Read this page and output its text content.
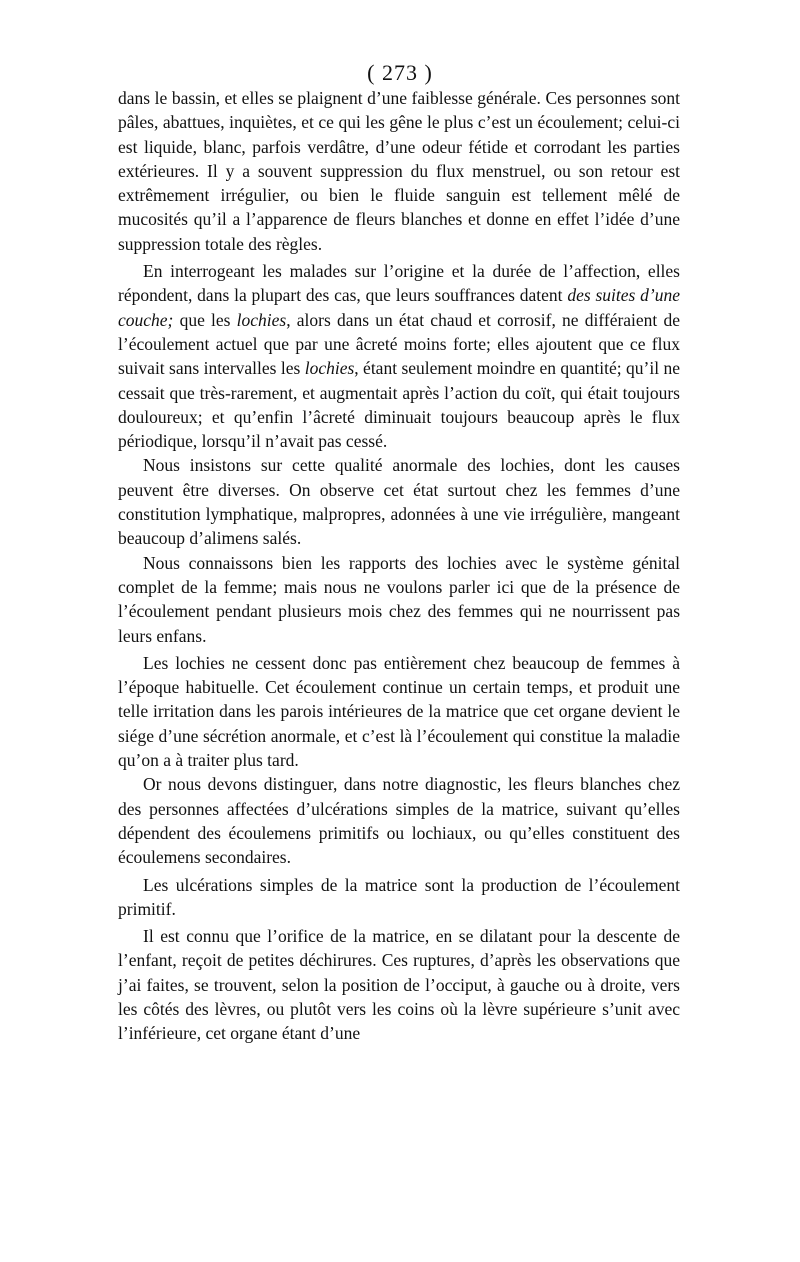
( 273 )

dans le bassin, et elles se plaignent d’une faiblesse générale. Ces personnes sont pâles, abattues, inquiètes, et ce qui les gêne le plus c’est un écoulement; celui-ci est liquide, blanc, parfois verdâtre, d’une odeur fétide et corrodant les parties extérieures. Il y a souvent suppression du flux menstruel, ou son retour est extrêmement irrégulier, ou bien le fluide sanguin est tellement mêlé de mucosités qu’il a l’apparence de fleurs blanches et donne en effet l’idée d’une suppression totale des règles.

En interrogeant les malades sur l’origine et la durée de l’affection, elles répondent, dans la plupart des cas, que leurs souffrances datent des suites d’une couche; que les lochies, alors dans un état chaud et corrosif, ne différaient de l’écoulement actuel que par une âcreté moins forte; elles ajoutent que ce flux suivait sans intervalles les lochies, étant seulement moindre en quantité; qu’il ne cessait que très-rarement, et augmentait après l’action du coït, qui était toujours douloureux; et qu’enfin l’âcreté diminuait toujours beaucoup après le flux périodique, lorsqu’il n’avait pas cessé.

Nous insistons sur cette qualité anormale des lochies, dont les causes peuvent être diverses. On observe cet état surtout chez les femmes d’une constitution lymphatique, malpropres, adonnées à une vie irrégulière, mangeant beaucoup d’alimens salés.

Nous connaissons bien les rapports des lochies avec le système génital complet de la femme; mais nous ne voulons parler ici que de la présence de l’écoulement pendant plusieurs mois chez des femmes qui ne nourrissent pas leurs enfans.

Les lochies ne cessent donc pas entièrement chez beaucoup de femmes à l’époque habituelle. Cet écoulement continue un certain temps, et produit une telle irritation dans les parois intérieures de la matrice que cet organe devient le siége d’une sécrétion anormale, et c’est là l’écoulement qui constitue la maladie qu’on a à traiter plus tard.

Or nous devons distinguer, dans notre diagnostic, les fleurs blanches chez des personnes affectées d’ulcérations simples de la matrice, suivant qu’elles dépendent des écoulemens primitifs ou lochiaux, ou qu’elles constituent des écoulemens secondaires.

Les ulcérations simples de la matrice sont la production de l’écoulement primitif.

Il est connu que l’orifice de la matrice, en se dilatant pour la descente de l’enfant, reçoit de petites déchirures. Ces ruptures, d’après les observations que j’ai faites, se trouvent, selon la position de l’occiput, à gauche ou à droite, vers les côtés des lèvres, ou plutôt vers les coins où la lèvre supérieure s’unit avec l’inférieure, cet organe étant d’une
